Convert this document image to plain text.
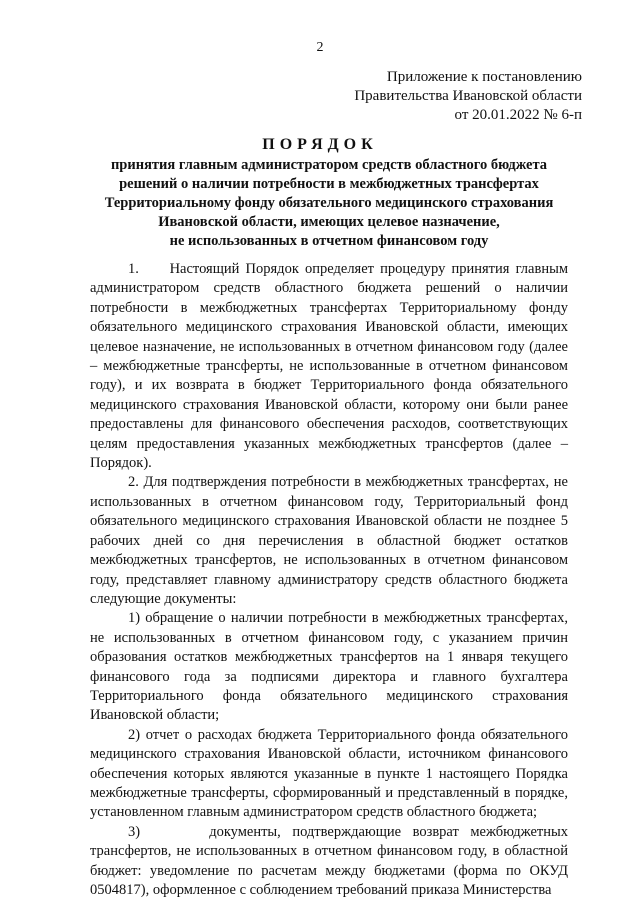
2
Приложение к постановлению
Правительства Ивановской области
от 20.01.2022 № 6-п
ПОРЯДОК
принятия главным администратором средств областного бюджета
решений о наличии потребности в межбюджетных трансфертах
Территориальному фонду обязательного медицинского страхования
Ивановской области, имеющих целевое назначение,
не использованных в отчетном финансовом году

1.     Настоящий Порядок определяет процедуру принятия главным администратором средств областного бюджета решений о наличии потребности в межбюджетных трансфертах Территориальному фонду обязательного медицинского страхования Ивановской области, имеющих целевое назначение, не использованных в отчетном финансовом году (далее – межбюджетные трансферты, не использованные в отчетном финансовом году), и их возврата в бюджет Территориального фонда обязательного медицинского страхования Ивановской области, которому они были ранее предоставлены для финансового обеспечения расходов, соответствующих целям предоставления указанных межбюджетных трансфертов (далее – Порядок).

2. Для подтверждения потребности в межбюджетных трансфертах, не использованных в отчетном финансовом году, Территориальный фонд обязательного медицинского страхования Ивановской области не позднее 5 рабочих дней со дня перечисления в областной бюджет остатков межбюджетных трансфертов, не использованных в отчетном финансовом году, представляет главному администратору средств областного бюджета следующие документы:

1) обращение о наличии потребности в межбюджетных трансфертах, не использованных в отчетном финансовом году, с указанием причин образования остатков межбюджетных трансфертов на 1 января текущего финансового года за подписями директора и главного бухгалтера Территориального фонда обязательного медицинского страхования Ивановской области;

2) отчет о расходах бюджета Территориального фонда обязательного медицинского страхования Ивановской области, источником финансового обеспечения которых являются указанные в пункте 1 настоящего Порядка межбюджетные трансферты, сформированный и представленный в порядке, установленном главным администратором средств областного бюджета;

3)      документы, подтверждающие возврат межбюджетных трансфертов, не использованных в отчетном финансовом году, в областной бюджет: уведомление по расчетам между бюджетами (форма по ОКУД 0504817), оформленное с соблюдением требований приказа Министерства
